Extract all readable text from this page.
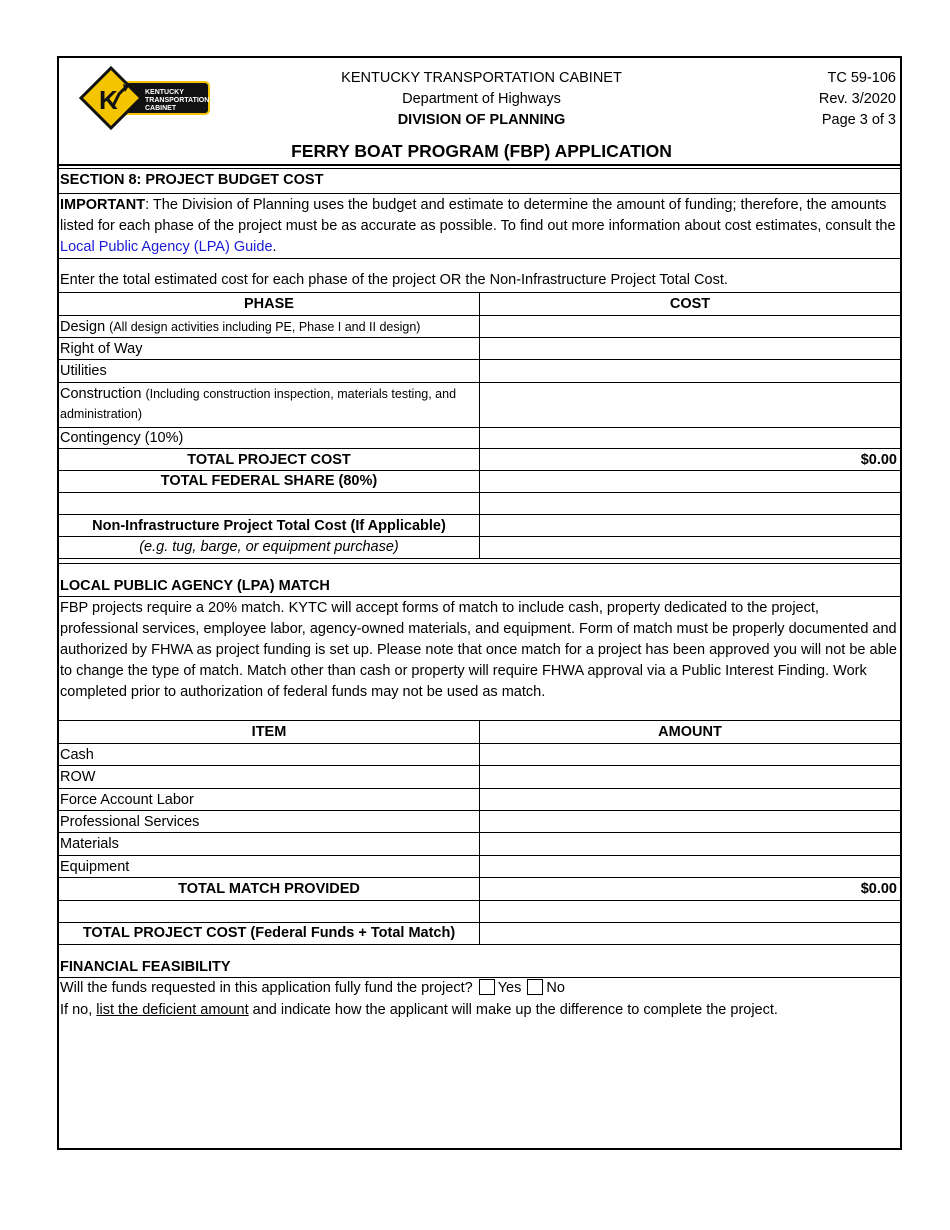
K	KENTUCKY
TRANSPORTATION
CABINET
KENTUCKY TRANSPORTATION CABINET
Department of Highways
DIVISION OF PLANNING
TC 59-106
Rev. 3/2020
Page 3 of 3
FERRY BOAT PROGRAM (FBP) APPLICATION
SECTION 8: PROJECT BUDGET COST
IMPORTANT: The Division of Planning uses the budget and estimate to determine the amount of funding; therefore, the amounts listed for each phase of the project must be as accurate as possible. To find out more information about cost estimates, consult the Local Public Agency (LPA) Guide.
Enter the total estimated cost for each phase of the project OR the Non-Infrastructure Project Total Cost.
PHASE	COST
Design (All design activities including PE, Phase I and II design)
Right of Way
Utilities
Construction (Including construction inspection, materials testing, and administration)
Contingency (10%)
TOTAL PROJECT COST	$0.00
TOTAL FEDERAL SHARE (80%)
Non-Infrastructure Project Total Cost (If Applicable)
(e.g. tug, barge, or equipment purchase)
LOCAL PUBLIC AGENCY (LPA) MATCH
FBP projects require a 20% match. KYTC will accept forms of match to include cash, property dedicated to the project, professional services, employee labor, agency-owned materials, and equipment. Form of match must be properly documented and authorized by FHWA as project funding is set up. Please note that once match for a project has been approved you will not be able to change the type of match. Match other than cash or property will require FHWA approval via a Public Interest Finding. Work completed prior to authorization of federal funds may not be used as match.
ITEM	AMOUNT
Cash
ROW
Force Account Labor
Professional Services
Materials
Equipment
TOTAL MATCH PROVIDED	$0.00
TOTAL PROJECT COST (Federal Funds + Total Match)
FINANCIAL FEASIBILITY
Will the funds requested in this application fully fund the project? Yes No
If no, list the deficient amount and indicate how the applicant will make up the difference to complete the project.
